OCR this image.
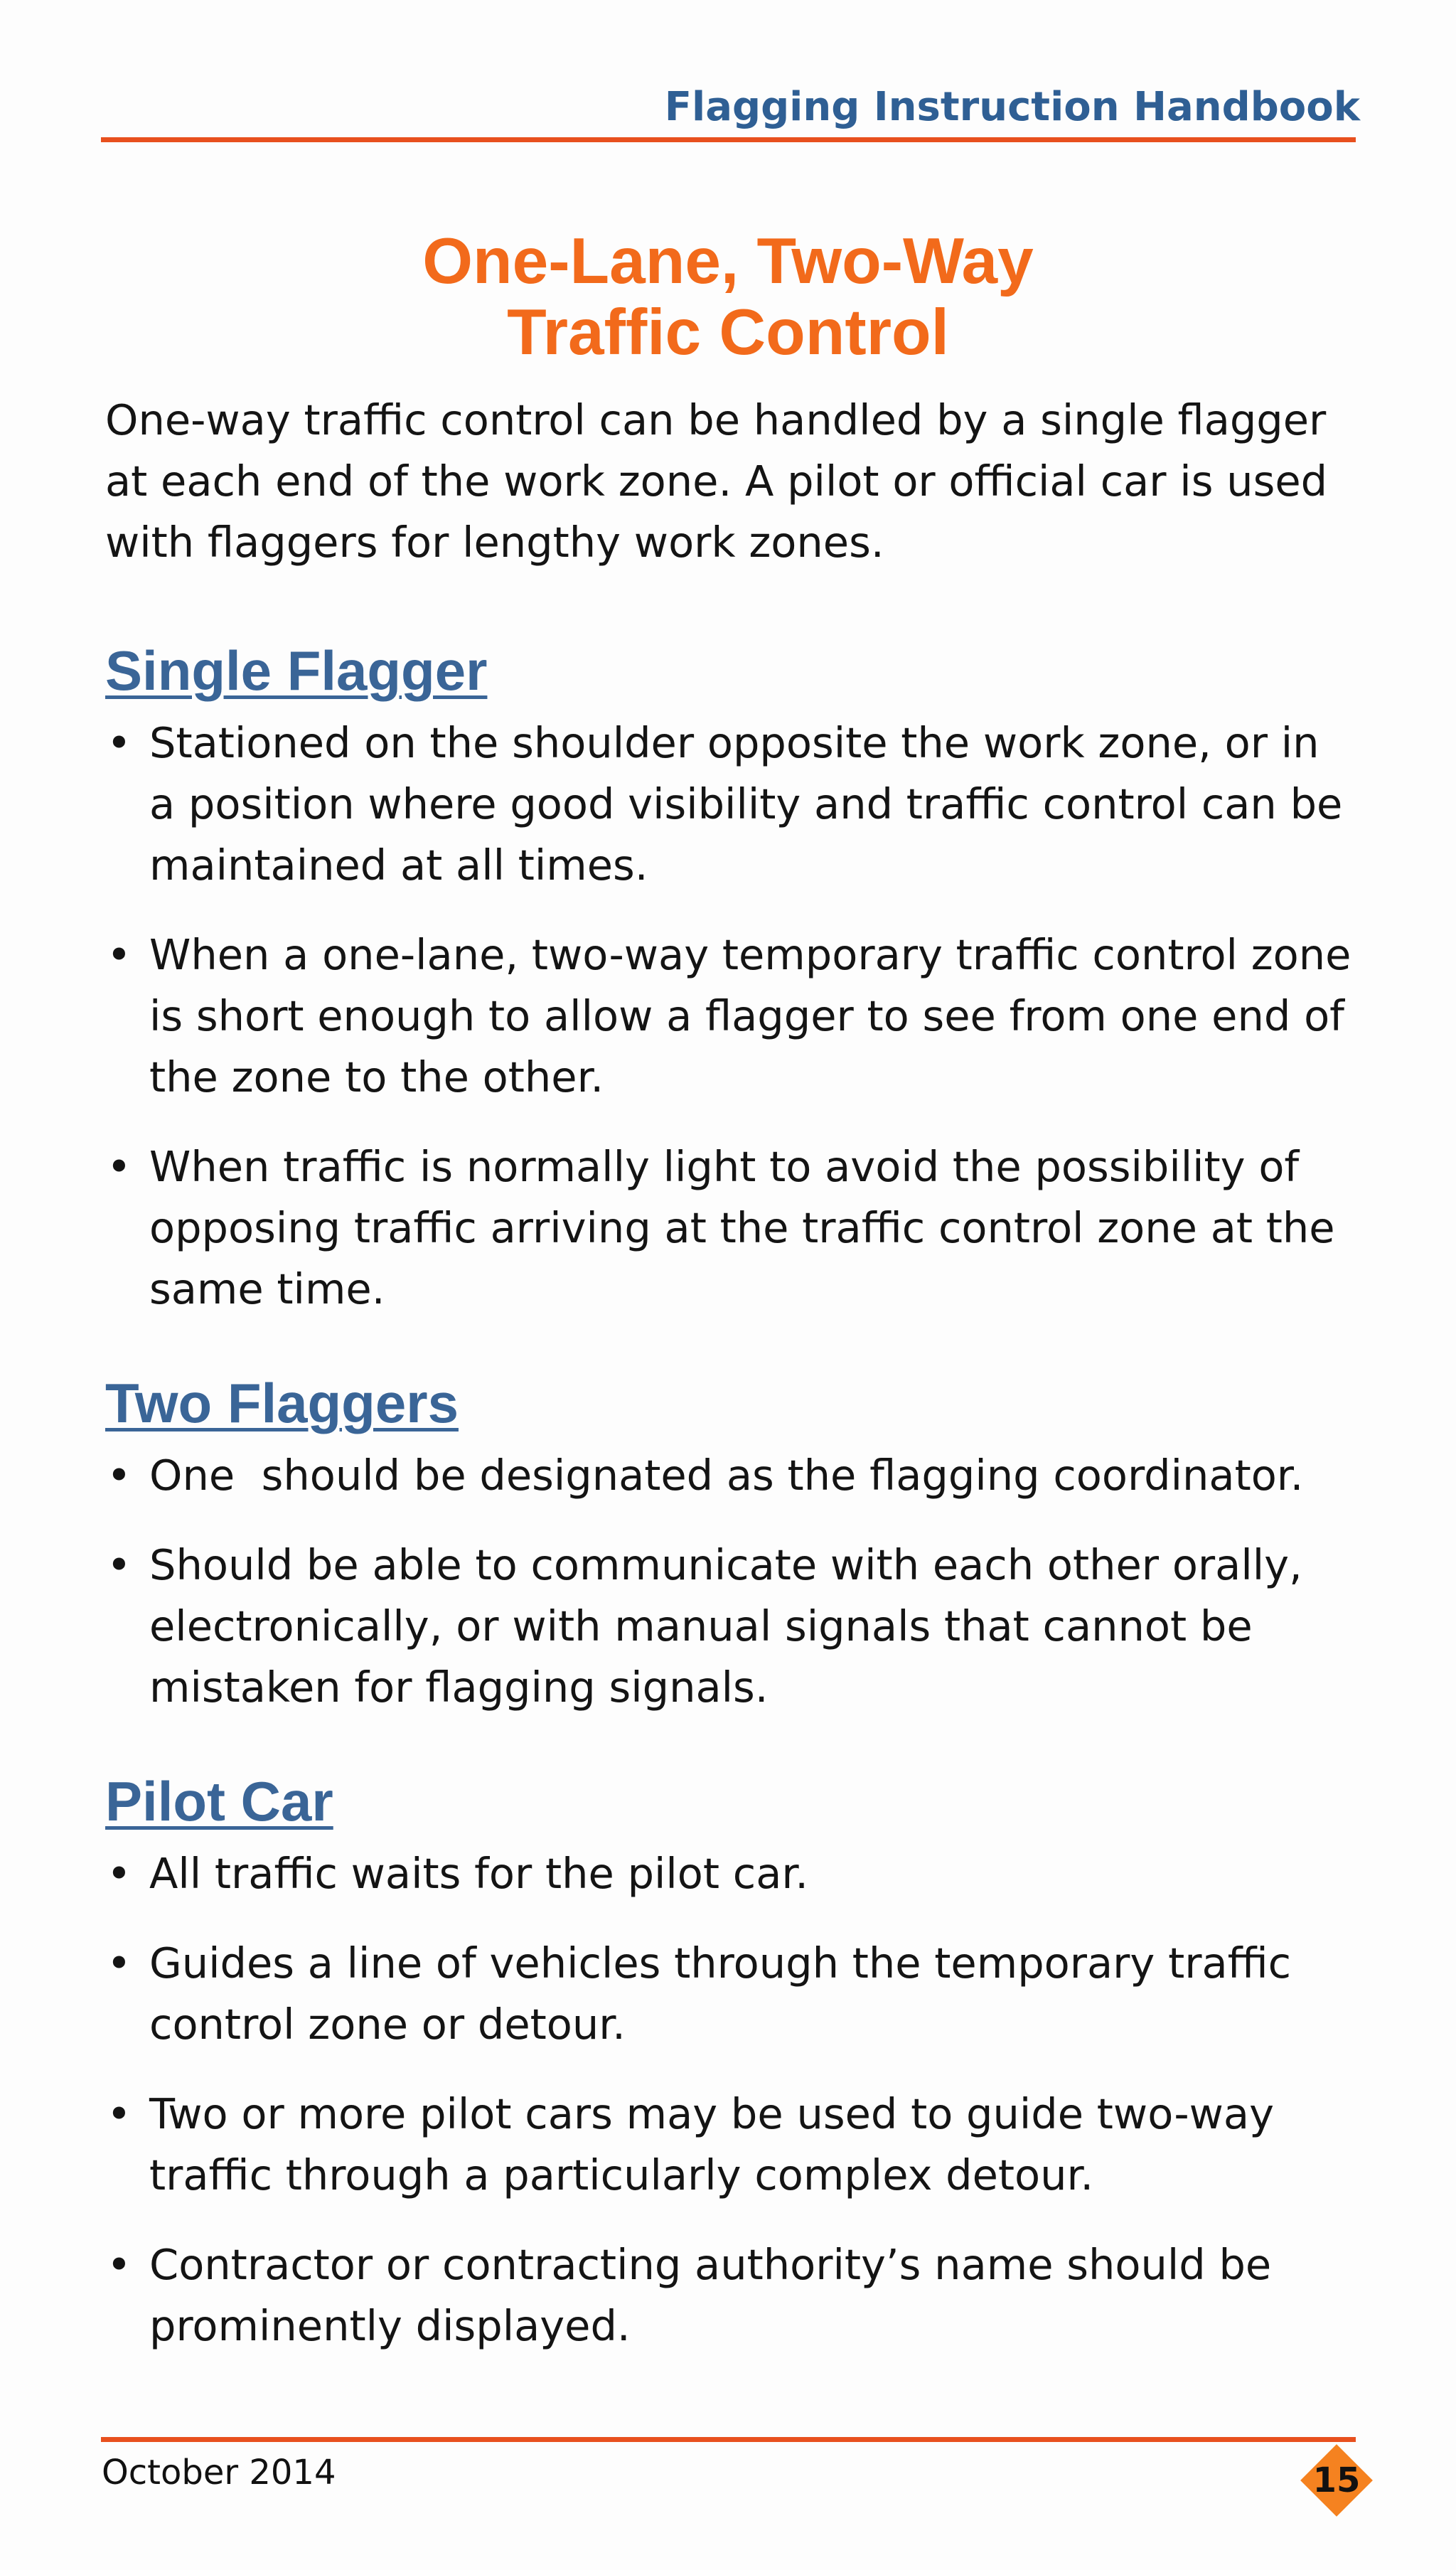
Flagging Instruction Handbook
One-Lane, Two-Way
Traffic Control

One-way traffic control can be handled by a single flagger at each end of the work zone. A pilot or official car is used with flaggers for lengthy work zones.

Single Flagger
• Stationed on the shoulder opposite the work zone, or in a position where good visibility and traffic control can be maintained at all times.
• When a one-lane, two-way temporary traffic control zone is short enough to allow a flagger to see from one end of the zone to the other.
• When traffic is normally light to avoid the possibility of opposing traffic arriving at the traffic control zone at the same time.
Two Flaggers
• One  should be designated as the flagging coordinator.
• Should be able to communicate with each other orally, electronically, or with manual signals that cannot be mistaken for flagging signals.
Pilot Car
• All traffic waits for the pilot car.
• Guides a line of vehicles through the temporary traffic control zone or detour.
• Two or more pilot cars may be used to guide two-way traffic through a particularly complex detour.
• Contractor or contracting authority’s name should be prominently displayed.
October 2014	15
